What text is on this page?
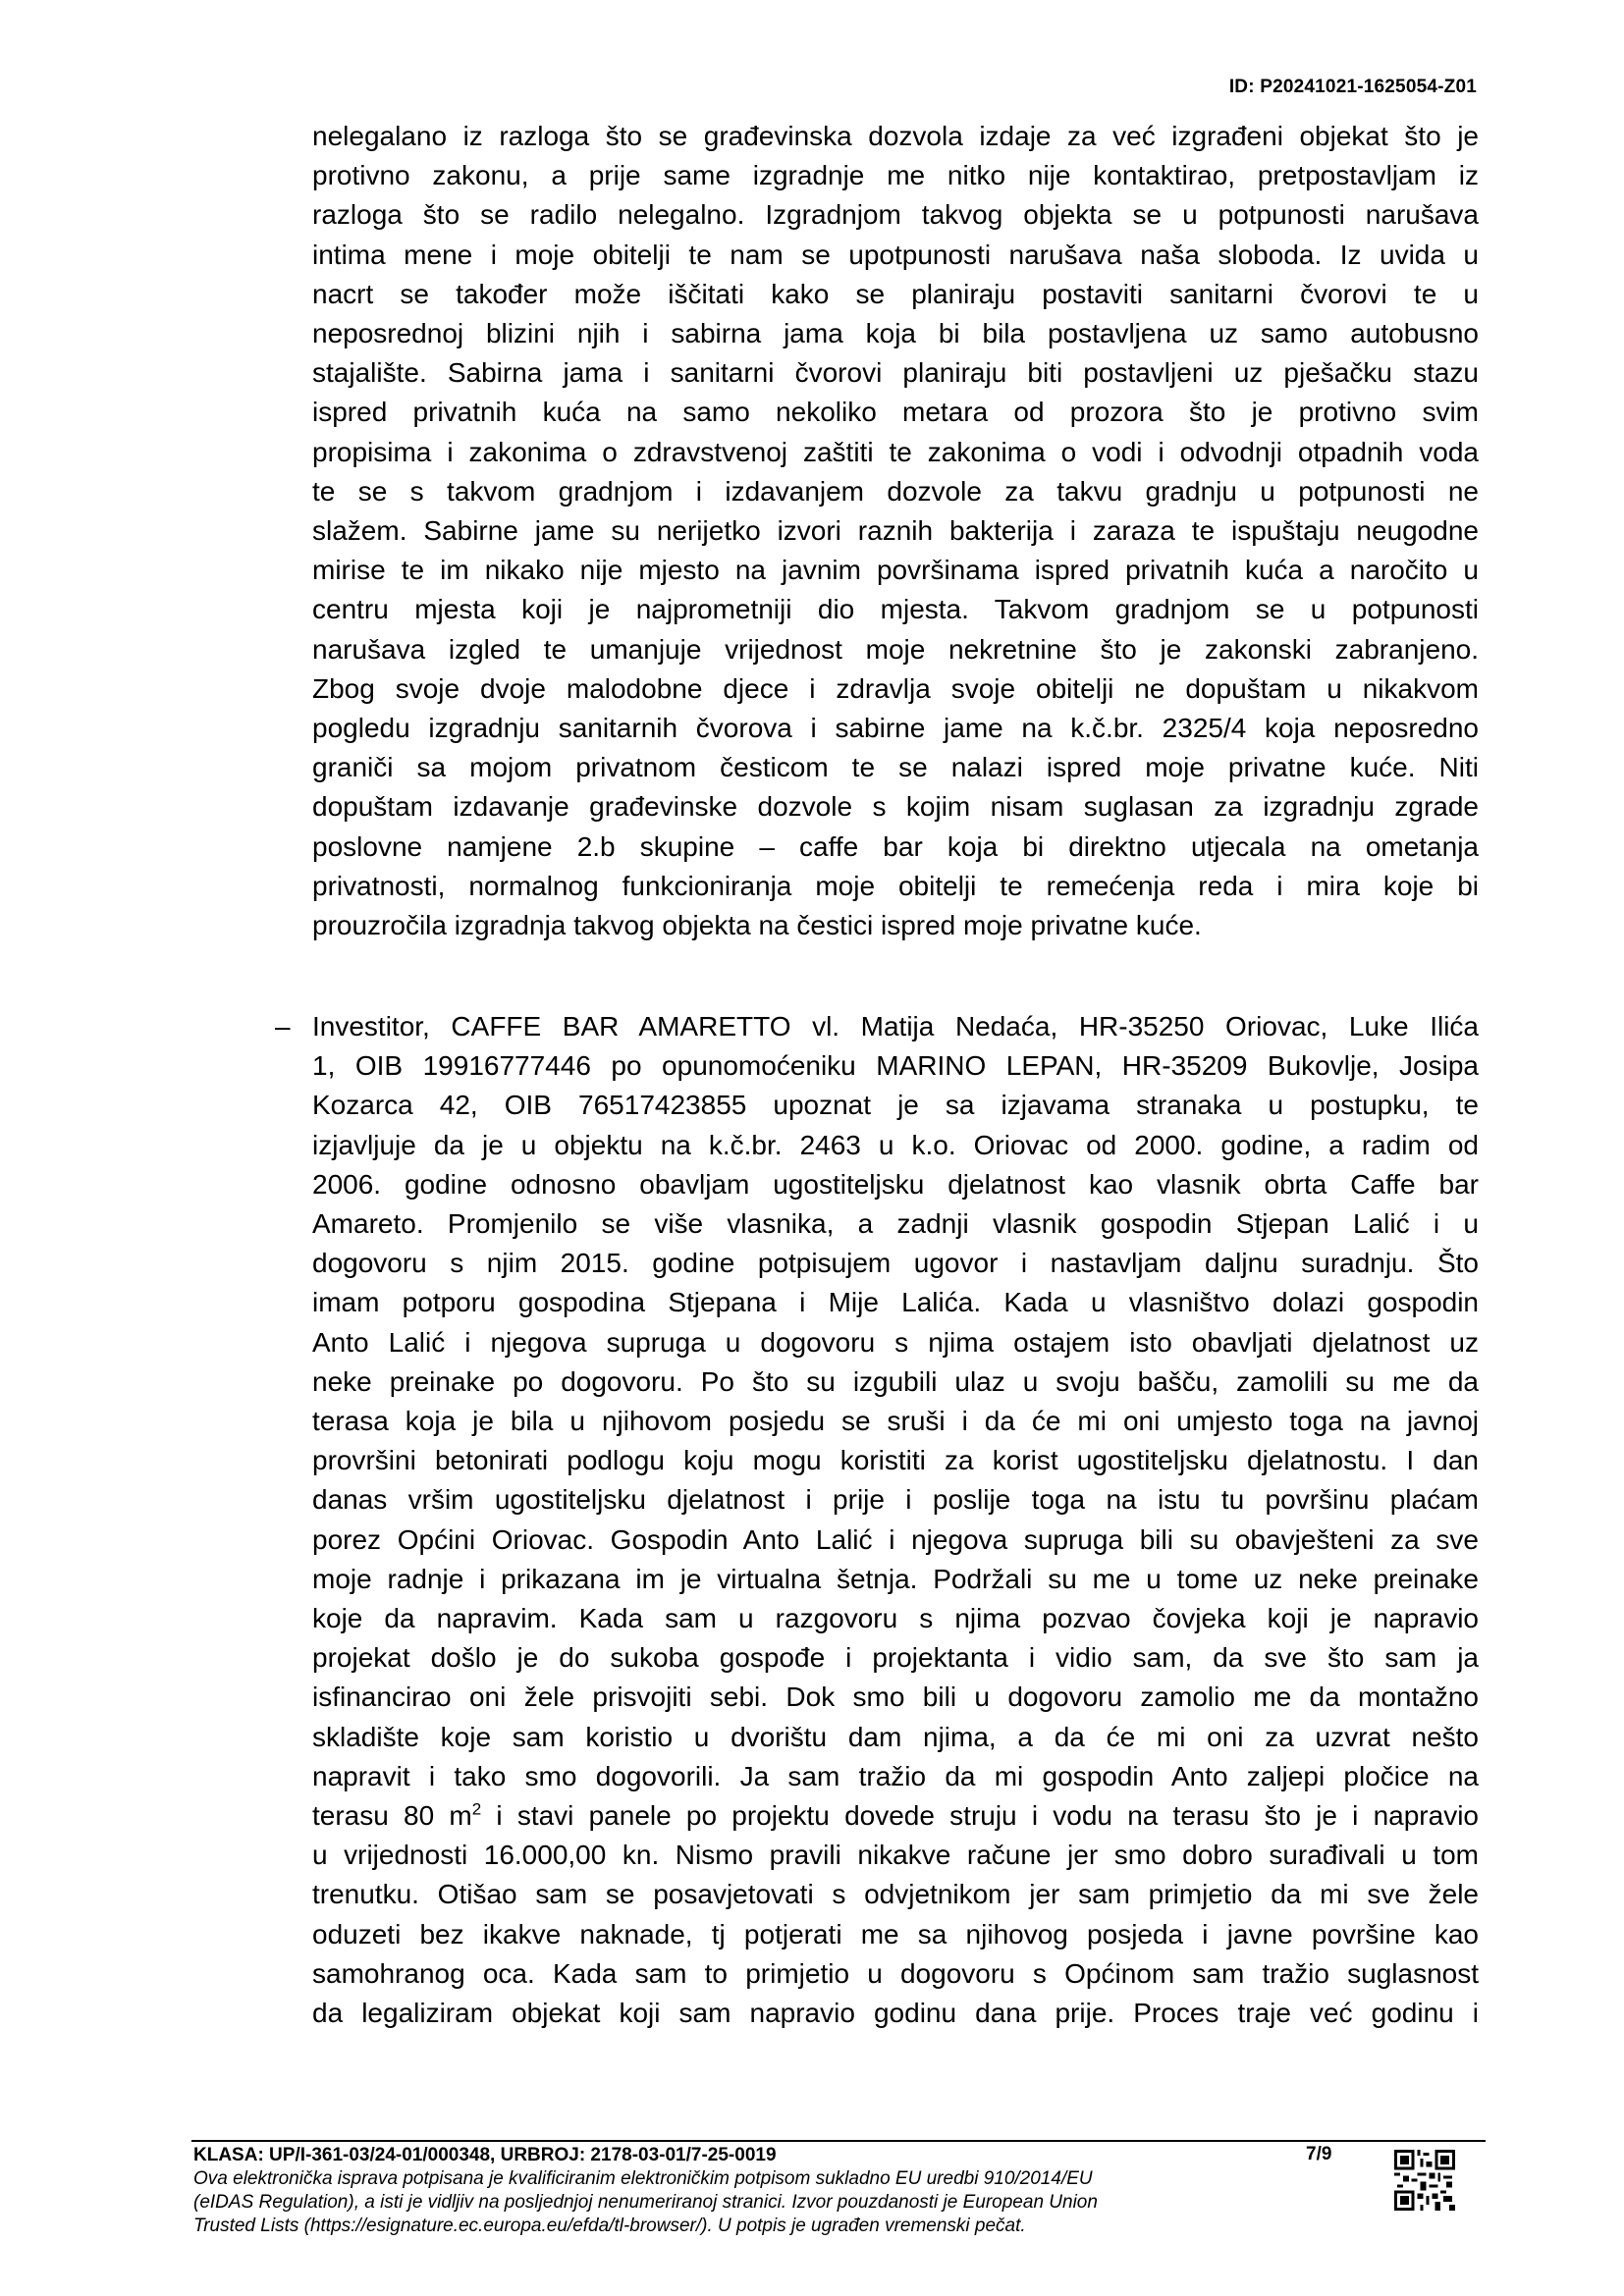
ID: P20241021-1625054-Z01
nelegalano iz razloga što se građevinska dozvola izdaje za već izgrađeni objekat što je
protivno zakonu, a prije same izgradnje me nitko nije kontaktirao, pretpostavljam iz
razloga što se radilo nelegalno. Izgradnjom takvog objekta se u potpunosti narušava
intima mene i moje obitelji te nam se upotpunosti narušava naša sloboda. Iz uvida u
nacrt se također može iščitati kako se planiraju postaviti sanitarni čvorovi te u
neposrednoj blizini njih i sabirna jama koja bi bila postavljena uz samo autobusno
stajalište. Sabirna jama i sanitarni čvorovi planiraju biti postavljeni uz pješačku stazu
ispred privatnih kuća na samo nekoliko metara od prozora što je protivno svim
propisima i zakonima o zdravstvenoj zaštiti te zakonima o vodi i odvodnji otpadnih voda
te se s takvom gradnjom i izdavanjem dozvole za takvu gradnju u potpunosti ne
slažem. Sabirne jame su nerijetko izvori raznih bakterija i zaraza te ispuštaju neugodne
mirise te im nikako nije mjesto na javnim površinama ispred privatnih kuća a naročito u
centru mjesta koji je najprometniji dio mjesta. Takvom gradnjom se u potpunosti
narušava izgled te umanjuje vrijednost moje nekretnine što je zakonski zabranjeno.
Zbog svoje dvoje malodobne djece i zdravlja svoje obitelji ne dopuštam u nikakvom
pogledu izgradnju sanitarnih čvorova i sabirne jame na k.č.br. 2325/4 koja neposredno
graniči sa mojom privatnom česticom te se nalazi ispred moje privatne kuće. Niti
dopuštam izdavanje građevinske dozvole s kojim nisam suglasan za izgradnju zgrade
poslovne namjene 2.b skupine – caffe bar koja bi direktno utjecala na ometanja
privatnosti, normalnog funkcioniranja moje obitelji te remećenja reda i mira koje bi
prouzročila izgradnja takvog objekta na čestici ispred moje privatne kuće.
– Investitor, CAFFE BAR AMARETTO vl. Matija Nedaća, HR-35250 Oriovac, Luke Ilića
1, OIB 19916777446 po opunomoćeniku MARINO LEPAN, HR-35209 Bukovlje, Josipa
Kozarca 42, OIB 76517423855 upoznat je sa izjavama stranaka u postupku, te
izjavljuje da je u objektu na k.č.br. 2463 u k.o. Oriovac od 2000. godine, a radim od
2006. godine odnosno obavljam ugostiteljsku djelatnost kao vlasnik obrta Caffe bar
Amareto. Promjenilo se više vlasnika, a zadnji vlasnik gospodin Stjepan Lalić i u
dogovoru s njim 2015. godine potpisujem ugovor i nastavljam daljnu suradnju. Što
imam potporu gospodina Stjepana i Mije Lalića. Kada u vlasništvo dolazi gospodin
Anto Lalić i njegova supruga u dogovoru s njima ostajem isto obavljati djelatnost uz
neke preinake po dogovoru. Po što su izgubili ulaz u svoju bašču, zamolili su me da
terasa koja je bila u njihovom posjedu se sruši i da će mi oni umjesto toga na javnoj
provršini betonirati podlogu koju mogu koristiti za korist ugostiteljsku djelatnostu. I dan
danas vršim ugostiteljsku djelatnost i prije i poslije toga na istu tu površinu plaćam
porez Općini Oriovac. Gospodin Anto Lalić i njegova supruga bili su obavješteni za sve
moje radnje i prikazana im je virtualna šetnja. Podržali su me u tome uz neke preinake
koje da napravim. Kada sam u razgovoru s njima pozvao čovjeka koji je napravio
projekat došlo je do sukoba gospođe i projektanta i vidio sam, da sve što sam ja
isfinancirao oni žele prisvojiti sebi. Dok smo bili u dogovoru zamolio me da montažno
skladište koje sam koristio u dvorištu dam njima, a da će mi oni za uzvrat nešto
napravit i tako smo dogovorili. Ja sam tražio da mi gospodin Anto zaljepi pločice na
terasu 80 $m^2$ i stavi panele po projektu dovede struju i vodu na terasu što je i napravio
u vrijednosti 16.000,00 kn. Nismo pravili nikakve račune jer smo dobro surađivali u tom
trenutku. Otišao sam se posavjetovati s odvjetnikom jer sam primjetio da mi sve žele
oduzeti bez ikakve naknade, tj potjerati me sa njihovog posjeda i javne površine kao
samohranog oca. Kada sam to primjetio u dogovoru s Općinom sam tražio suglasnost
da legaliziram objekat koji sam napravio godinu dana prije. Proces traje već godinu i
KLASA: UP/I-361-03/24-01/000348, URBROJ: 2178-03-01/7-25-0019
Ova elektronička isprava potpisana je kvalificiranim elektroničkim potpisom sukladno EU uredbi 910/2014/EU
(eIDAS Regulation), a isti je vidljiv na posljednjoj nenumeriranoj stranici. Izvor pouzdanosti je European Union
Trusted Lists (https://esignature.ec.europa.eu/efda/tl-browser/). U potpis je ugrađen vremenski pečat.
7/9
